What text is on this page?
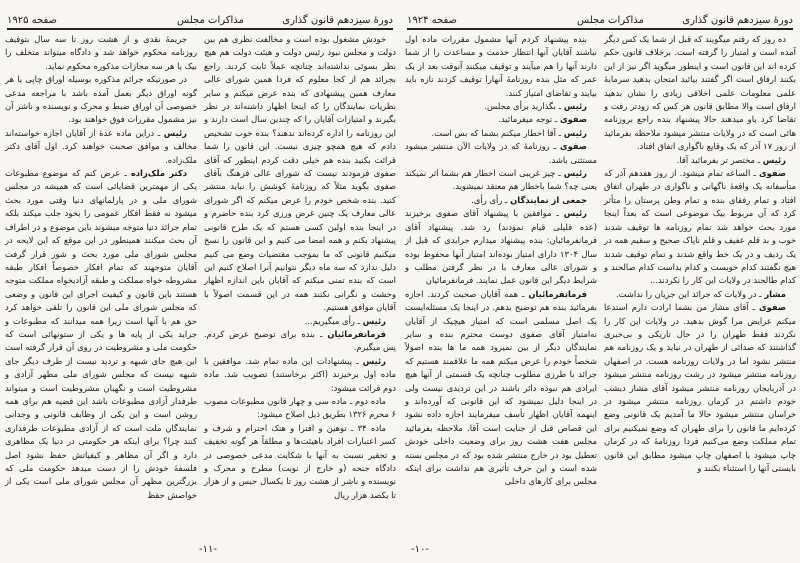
دورهٔ سیزدهم قانون گذاری
مذاکرات مجلس
صفحه ۱۹۲۵

خودش مشغول بوده است و مخالفت نظری هم بین دولت و مجلس نبود رئیس دولت و هیئت دولت هم هیچ نظر بسوئی نداشته‌اند چنانچه عملاً ثابت کردند. راجع بجرائد هم از کجا معلوم که فردا همین شورای عالی معارف همین پیشنهادی که بنده عرض میکنم و سایر نظریات نمایندگان را که اینجا اظهار داشته‌اند در نظر بگیرند و امتیازات آقایان را که چندین سال است دارند و این روزنامه را اداره کرده‌اند ندهند؟ بنده خوب تشخیص دادم که هیچ همچو چیزی نیست. این قانون را شما قرائت بکنید بنده هم خیلی دقت کردم اینطور که آقای صفوی فرمودند نیست که شورای عالی فرهنگ بآقای صفوی بگوید مثلاً که روزنامهٔ کوشش را نباید منتشر کنید. بنده شخص خودم را عرض میکنم که اگر شورای عالی معارف یک چنین غرض ورزی کرد بنده حاضرم و در اینجا بنده اولین کسی هستم که یک طرح قانونی پیشنهاد بکنم و همه امضا می کنیم و این قانون را نسخ میکنیم قانونی که ما بموجب مقتضیات وضع می کنیم دلیل ندارد که سه ماه دیگر نتوانیم آنرا اصلاح کنیم این است که بنده تمنی میکنم که آقایان باین اندازه اظهار وحشت و نگرانی نکنند همه در این قسمت اصولاً با آقایان موافق هستیم.

رئیس ـ رأی میگیریم...

فرمانفرمائیان ـ بنده برای توضیح عرض کردم. پس میگیرم.

رئیس ـ پیشنهادات این ماده تمام شد. موافقین با ماده اول برخیزند (اکثر برخاستند) تصویب شد. ماده دوم قرائت میشود:

ماده دوم ـ ماده سی و چهار قانون مطبوعات مصوب ۶ محرم ۱۳۲۶ بطریق ذیل اصلاح میشود:

ماده ۳۴ ـ توهین و افترا و هتک احترام و شرف و کسر اعتبارات افراد باهیئت‌ها و مطلقاً هر گونه تخفیف و تحقیر نسبت به آنها با شکایت مدعی خصوصی در دادگاه جنحه (و خارج از نوبت) مطرح و محرک و نویسنده و ناشر از هشت روز تا یکسال حبس و از هزار تا یکصد هزار ریال

جریمهٔ نقدی و از هشت روز تا سه سال بتوقیف روزنامه محکوم خواهد شد و دادگاه میتواند متخلف را بیک یا هر سه مجازات مذکوره محکوم نماید.

در صورتیکه جرائم مذکوره بوسیله اوراق چاپی یا هر گونه اوراق دیگر بعمل آمده باشد با مراجعه مدعی خصوصی آن اوراق ضبط و محرک و نویسنده و ناشر آن نیز مشمول مقررات فوق خواهند بود.

رئیس ـ دراین ماده عدهٔ از آقایان اجازه خواسته‌اند مخالف و موافق صحبت خواهند کرد. اول آقای دکتر ملک‌زاده.

دکتر ملک‌زاده ـ عرض کنم که موضوع مطبوعات یکی از مهمترین قضایائی است که همیشه در مجلس شورای ملی و در پارلمانهای دنیا وقتی مورد بحث میشود نه فقط افکار عمومی را بخود جلب میکند بلکه تمام جرائد دنیا متوجه میشوند باین موضوع و در اطراف آن بحث میکنند همینطور در این موقع که این لایحه در مجلس شورای ملی مورد بحث و شور قرار گرفت آقایان متوجهند که تمام افکار خصوصاً افکار طبقه مشروطه خواه مملکت و طبقه آزادیخواه مملکت متوجه هستند باین قانون و کیفیت اجرای این قانون و وضعی که مجلس شورای ملی این قانون را تلقی خواهد کرد حق هم با آنها است زیرا همه میدانند که مطبوعات و جراید یکی از پایه ها و یکی از ستونهائی است که حکومت ملی و مشروطیت در روی آن قرار گرفته است این هیچ جای شبهه و تردید نیست از طرف دیگر جای شبهه نیست که مجلس شورای ملی مظهر آزادی و مشروطیت است و نگهبان مشروطیت است و میتواند طرفدار آزادی مطبوعات باشد این قضیه هم برای همه روشن است و این یکی از وظایف قانونی و وجدانی نمایندگان ملت است که از آزادی مطبوعات طرفداری کنند چرا؟ برای اینکه هر حکومتی در دنیا یک مظاهری دارد و اگر آن مظاهر و کیفیاتش حفظ نشود اصل فلسفهٔ خودش را از دست میدهد حکومت ملی که بزرگترین مظهر آن مجلس شورای ملی است یکی از خواصش حفظ

-۱۱-
دورهٔ سیزدهم قانون گذاری
مذاکرات مجلس
صفحه ۱۹۲۴

ده روز که رفتم میگویند که قبل از شما یک کس دیگر آمده است و امتیاز را گرفته است. برخلاف قانون حکم کرده اند این قانون است و اینطور میگوید اگر نیز از این بکنند ارفاق است اگر گفتند بیائید امتحان بدهید سرمایهٔ علمی معلومات علمی اخلاقی زیادی را نشان بدهید ارفاق است والا مطابق قانون هر کس که زودتر رفت و تقاضا کرد باو میدهند حالا پیشنهاد بنده راجع بروزنامه هائی است که در ولایات منتشر میشود ملاحظه بفرمائید از روز ۱۷ آذر که یک وقایع ناگواری اتفاق افتاد.

رئیس ـ مختصر تر بفرمائید آقا.

صفوی ـ الساعه تمام میشود. از روز هفدهم آذر که متأسفانه یک واقعهٔ ناگهانی و ناگواری در طهران اتفاق افتاد و تمام رفقای بنده و تمام وطن پرستان را متأثر کرد که آن مربوط بیک موضوعی است که بعداً اینجا مورد بحث خواهد شد تمام روزنامه ها توقیف شدند خوب و بد قلم عفیف و قلم ناپاک صحیح و سقیم همه در یک ردیف و در یک خط واقع شدند و تمام توقیف شدند هیچ نگفتند کدام خوبست و کدام بداست کدام صالحند و کدام طالحند در ولایات این کار را نکردند...

مشار ـ در ولایات که جرائد این جریان را نداشت.

صفوی ـ آقای مشار من بشما ارادت دارم استدعا میکنم عرایض مرا گوش بدهید. در ولایات این کار را نکردند فقط طهران را در حال تاریکی و بی‌خبری گذاشتند که صدائی از طهران در نیاید و یک روزنامه هم منتشر نشود اما در ولایات روزنامه هست. در اصفهان روزنامه منتشر میشود در رشت روزنامه منتشر میشود در آذربایجان روزنامه منتشر میشود آقای مشار دیشب خودم داشتم در کرمان روزنامه منتشر میشود در خراسان منتشر میشود حالا ما آمدیم یک قانونی وضع کرده‌ایم ما قانون را برای طهران که وضع نمیکنیم برای تمام مملکت وضع می‌کنیم فردا روزنامهٔ که در کرمان چاپ میشود یا اصفهان چاپ میشود مطابق این قانون بایستی آنها را استثناء بکنند و

بنده پیشنهاد کردم آنها مشمول مقررات ماده اول نباشند آقایان آنها انتظار خدمت و مساعدت را از شما دارند آنها را هم میآیند و توقیف میکنند آنوقت بعد از یک عمر که مثل بنده روزنامهٔ آنهارا توقیف کردند تازه باید بیایند و تقاضای امتیاز کنند.

رئیس ـ بگذارید برأی مجلس.

صفوی ـ توجه میفرمائید.

رئیس ـ آقا اخطار میکنم بشما که بس است.

صفوی ـ روزنامهٔ که در ولایات الآن منتشر میشود مستثنی باشد.

رئیس ـ چیز غریبی است اخطار هم بشما اثر نمیکند یعنی چه؟ شما باخطار هم معتقد نمیشوید.

جمعی از نمایندگان ـ رأی رأی.

رئیس ـ موافقین با پیشنهاد آقای صفوی برخیزند (عده قلیلی قیام نمودند) رد شد. پیشنهاد آقای فرمانفرمائیان: بنده پیشنهاد میدارم جرایدی که قبل از سال ۱۳۰۴ دارای امتیاز بوده‌اند امتیاز آنها محفوظ بوده و شورای عالی معارف با در نظر گرفتن مطلب و شرایط دیگر این قانون عمل نمایند. فرمانفرمائیان

فرمانفرمائیان ـ همه آقایان صحبت کردند. اجازه بفرمائید بنده هم توضیح بدهم. در اینجا یک مسئله‌ایست یک اصل مسلمی است که امتیاز هیچیک از آقایان نه‌امتیاز آقای صفوی دوست محترم بنده و سایر نمایندگان دیگر از بین نمیرود همه ما ها بنده اصولاً شخصاً خودم را عرض میکنم همه ما علاقمند هستیم که جرائد با طرزی مطلوب چنانچه یک قسمتی از آنها هیچ ایرادی هم نبوده دائر باشند در این تردیدی نیست ولی در اینجا دلیل نمیشود که این قانونی که آورده‌اند و اینهمه آقایان اظهار تأسف میفرمایند اجازه داده نشود این قصاص قبل از جنایت است آقا. ملاحظه بفرمائید مجلس هفت هشت روز برای وضعیت داخلی خودش تعطیل بود در خارج منتشر شده بود که در مجلس بسته شده است و این حرف تأثیری هم نداشت برای اینکه مجلس برای کارهای داخلی

-۱۰-
